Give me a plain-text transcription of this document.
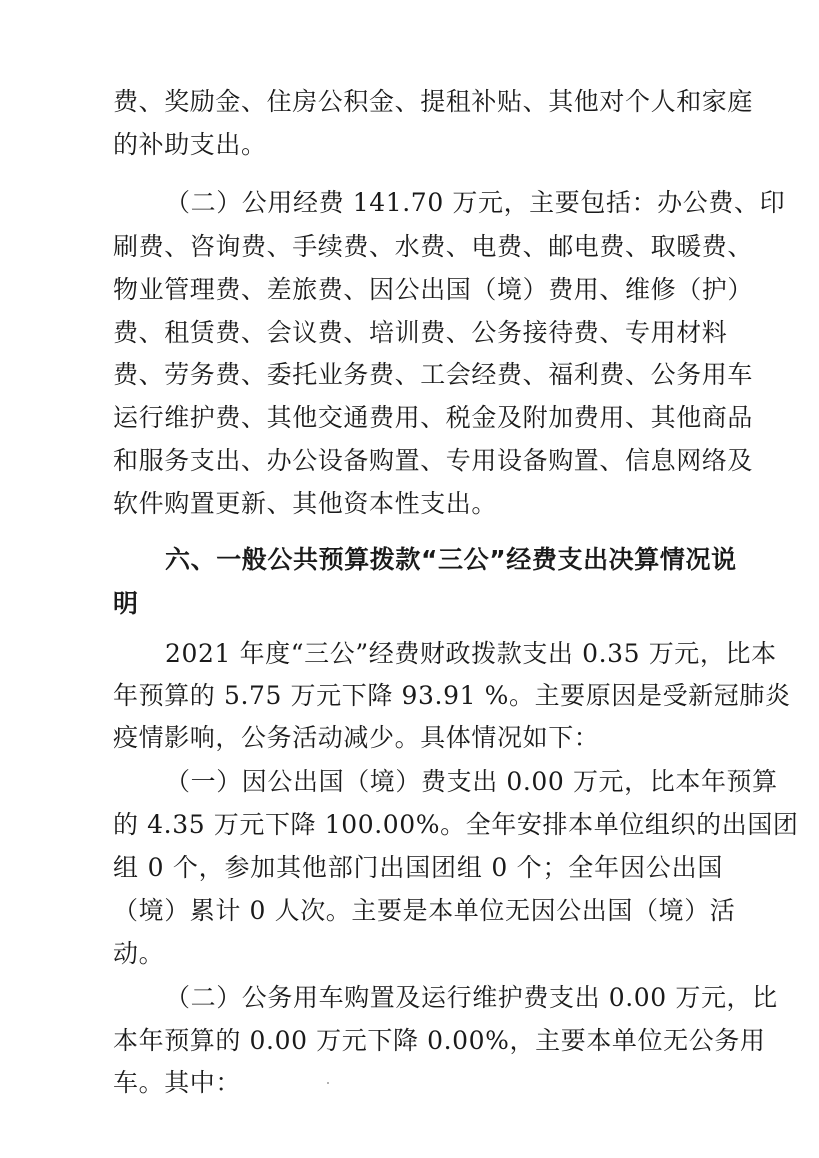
费、奖励金、住房公积金、提租补贴、其他对个人和家庭
的补助支出。
（二）公用经费 141.70 万元，主要包括：办公费、印
刷费、咨询费、手续费、水费、电费、邮电费、取暖费、
物业管理费、差旅费、因公出国（境）费用、维修（护）
费、租赁费、会议费、培训费、公务接待费、专用材料
费、劳务费、委托业务费、工会经费、福利费、公务用车
运行维护费、其他交通费用、税金及附加费用、其他商品
和服务支出、办公设备购置、专用设备购置、信息网络及
软件购置更新、其他资本性支出。
六、一般公共预算拨款“三公”经费支出决算情况说
明
2021 年度“三公”经费财政拨款支出 0.35 万元，比本
年预算的 5.75 万元下降 93.91 %。主要原因是受新冠肺炎
疫情影响，公务活动减少。具体情况如下：
（一）因公出国（境）费支出 0.00 万元，比本年预算
的 4.35 万元下降 100.00%。全年安排本单位组织的出国团
组 0 个，参加其他部门出国团组 0 个；全年因公出国
（境）累计 0 人次。主要是本单位无因公出国（境）活
动。
（二）公务用车购置及运行维护费支出 0.00 万元，比
本年预算的 0.00 万元下降 0.00%，主要本单位无公务用
车。其中：
